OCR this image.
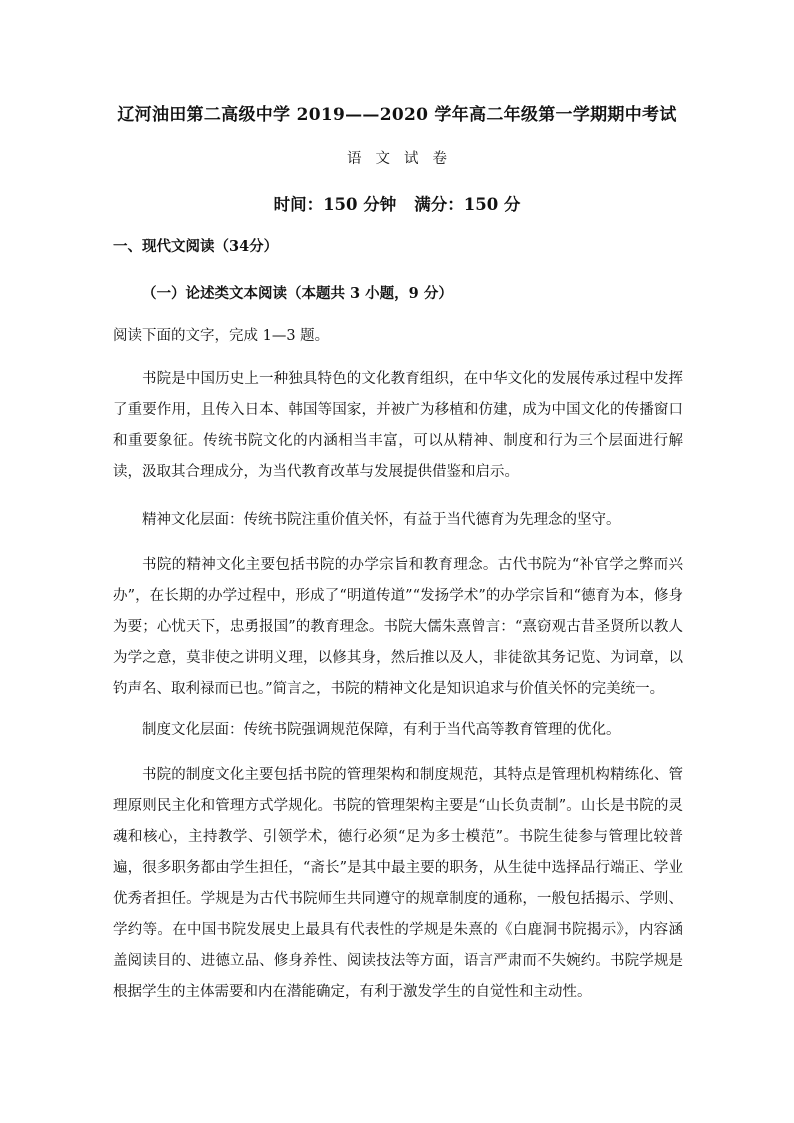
辽河油田第二高级中学 2019——2020 学年高二年级第一学期期中考试
语文试卷
时间：150 分钟 满分：150 分
一、现代文阅读（34分）
（一）论述类文本阅读（本题共 3 小题，9 分）

阅读下面的文字，完成 1—3 题。

书院是中国历史上一种独具特色的文化教育组织，在中华文化的发展传承过程中发挥了重要作用，且传入日本、韩国等国家，并被广为移植和仿建，成为中国文化的传播窗口和重要象征。传统书院文化的内涵相当丰富，可以从精神、制度和行为三个层面进行解读，汲取其合理成分，为当代教育改革与发展提供借鉴和启示。

精神文化层面：传统书院注重价值关怀，有益于当代德育为先理念的坚守。

书院的精神文化主要包括书院的办学宗旨和教育理念。古代书院为“补官学之弊而兴办”，在长期的办学过程中，形成了“明道传道”“发扬学术”的办学宗旨和“德育为本，修身为要；心忧天下，忠勇报国”的教育理念。书院大儒朱熹曾言：“熹窃观古昔圣贤所以教人为学之意，莫非使之讲明义理，以修其身，然后推以及人，非徒欲其务记览、为词章，以钓声名、取利禄而已也。”简言之，书院的精神文化是知识追求与价值关怀的完美统一。

制度文化层面：传统书院强调规范保障，有利于当代高等教育管理的优化。

书院的制度文化主要包括书院的管理架构和制度规范，其特点是管理机构精练化、管理原则民主化和管理方式学规化。书院的管理架构主要是“山长负责制”。山长是书院的灵魂和核心，主持教学、引领学术，德行必须“足为多士模范”。书院生徒参与管理比较普遍，很多职务都由学生担任，“斋长”是其中最主要的职务，从生徒中选择品行端正、学业优秀者担任。学规是为古代书院师生共同遵守的规章制度的通称，一般包括揭示、学则、学约等。在中国书院发展史上最具有代表性的学规是朱熹的《白鹿洞书院揭示》，内容涵盖阅读目的、进德立品、修身养性、阅读技法等方面，语言严肃而不失婉约。书院学规是根据学生的主体需要和内在潜能确定，有利于激发学生的自觉性和主动性。
